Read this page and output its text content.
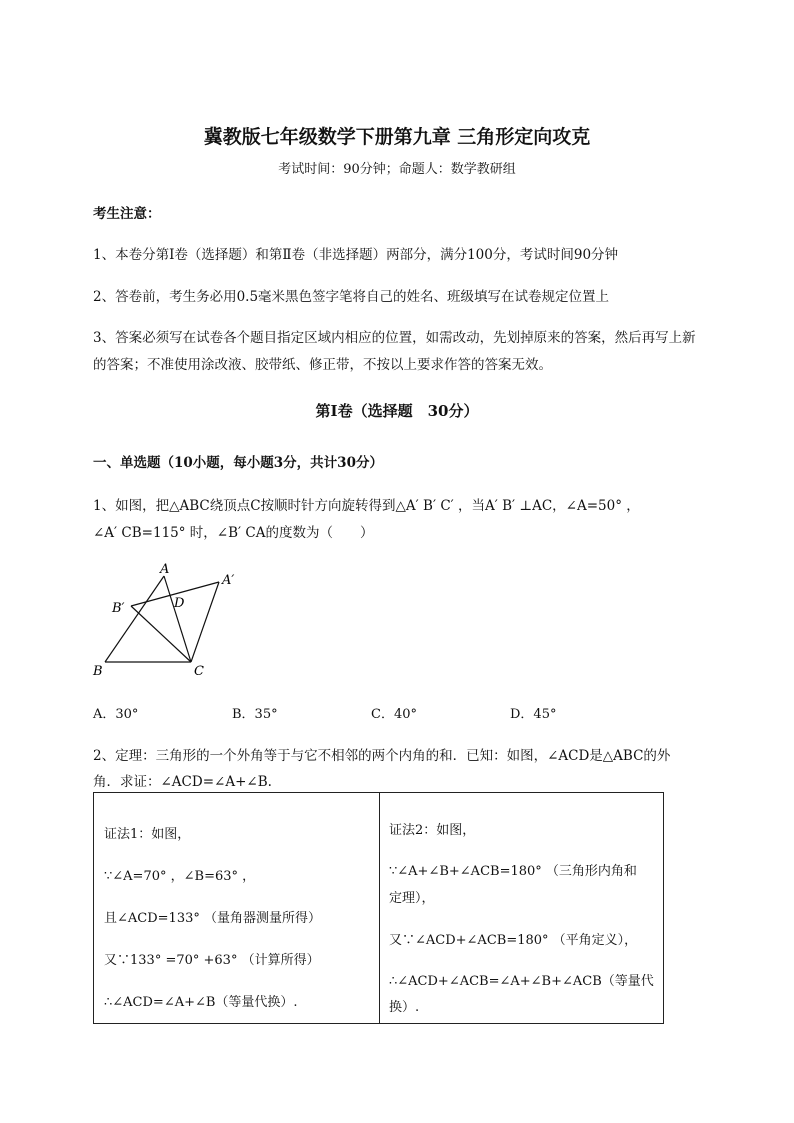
冀教版七年级数学下册第九章 三角形定向攻克
考试时间：90分钟；命题人：数学教研组
考生注意：
1、本卷分第I卷（选择题）和第Ⅱ卷（非选择题）两部分，满分100分，考试时间90分钟
2、答卷前，考生务必用0.5毫米黑色签字笔将自己的姓名、班级填写在试卷规定位置上
3、答案必须写在试卷各个题目指定区域内相应的位置，如需改动，先划掉原来的答案，然后再写上新
的答案；不准使用涂改液、胶带纸、修正带，不按以上要求作答的答案无效。
第I卷（选择题　30分）
一、单选题（10小题，每小题3分，共计30分）
1、如图，把△ABC绕顶点C按顺时针方向旋转得到△A′ B′ C′ ，当A′ B′ ⊥AC，∠A=50° ，
∠A′ CB=115° 时，∠B′ CA的度数为（　　）
A
A′
B′	D
B	C
A．30°	B．35°	C．40°	D．45°
2、定理：三角形的一个外角等于与它不相邻的两个内角的和．已知：如图，∠ACD是△ABC的外
角．求证：∠ACD=∠A+∠B.
证法1：如图，
∵∠A=70° ，∠B=63° ，
且∠ACD=133° （量角器测量所得）
又∵133° =70° +63° （计算所得）
∴∠ACD=∠A+∠B（等量代换）.

证法2：如图，
∵∠A+∠B+∠ACB=180° （三角形内角和
定理），
又∵∠ACD+∠ACB=180° （平角定义），
∴∠ACD+∠ACB=∠A+∠B+∠ACB（等量代
换）.
